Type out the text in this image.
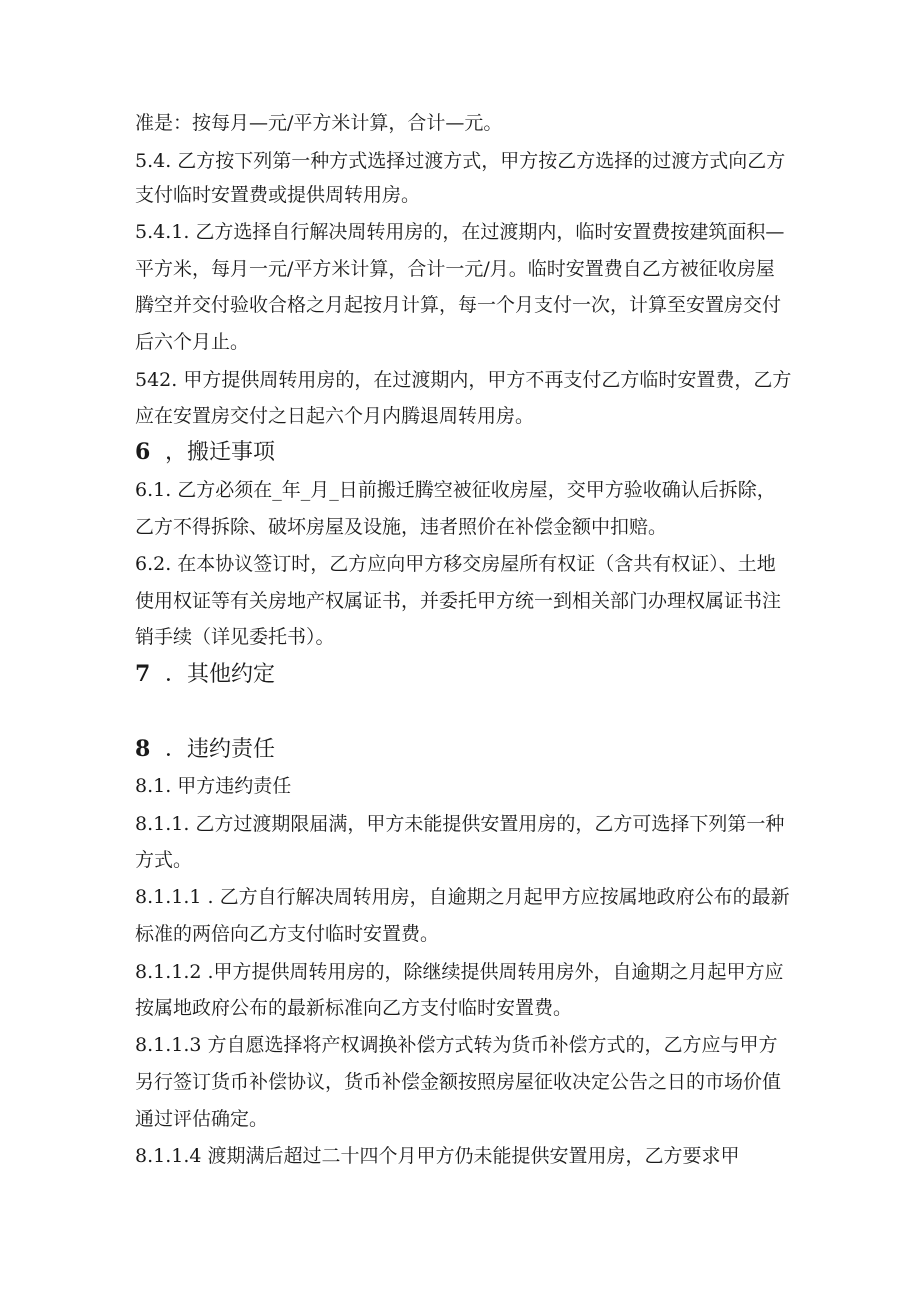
准是：按每月—元/平方米计算，合计—元。
5.4. 乙方按下列第一种方式选择过渡方式，甲方按乙方选择的过渡方式向乙方
支付临时安置费或提供周转用房。
5.4.1. 乙方选择自行解决周转用房的，在过渡期内，临时安置费按建筑面积—
平方米，每月一元/平方米计算，合计一元/月。临时安置费自乙方被征收房屋
腾空并交付验收合格之月起按月计算，每一个月支付一次，计算至安置房交付
后六个月止。
542. 甲方提供周转用房的，在过渡期内，甲方不再支付乙方临时安置费，乙方
应在安置房交付之日起六个月内腾退周转用房。
6 ，搬迁事项
6.1. 乙方必须在_年_月_日前搬迁腾空被征收房屋，交甲方验收确认后拆除，
乙方不得拆除、破坏房屋及设施，违者照价在补偿金额中扣赔。
6.2. 在本协议签订时，乙方应向甲方移交房屋所有权证（含共有权证）、土地
使用权证等有关房地产权属证书，并委托甲方统一到相关部门办理权属证书注
销手续（详见委托书）。
7 ．其他约定
8 ．违约责任
8.1. 甲方违约责任
8.1.1. 乙方过渡期限届满，甲方未能提供安置用房的，乙方可选择下列第一种
方式。
8.1.1.1 . 乙方自行解决周转用房，自逾期之月起甲方应按属地政府公布的最新
标准的两倍向乙方支付临时安置费。
8.1.1.2 .甲方提供周转用房的，除继续提供周转用房外，自逾期之月起甲方应
按属地政府公布的最新标准向乙方支付临时安置费。
8.1.1.3 方自愿选择将产权调换补偿方式转为货币补偿方式的，乙方应与甲方
另行签订货币补偿协议，货币补偿金额按照房屋征收决定公告之日的市场价值
通过评估确定。
8.1.1.4 渡期满后超过二十四个月甲方仍未能提供安置用房，乙方要求甲
